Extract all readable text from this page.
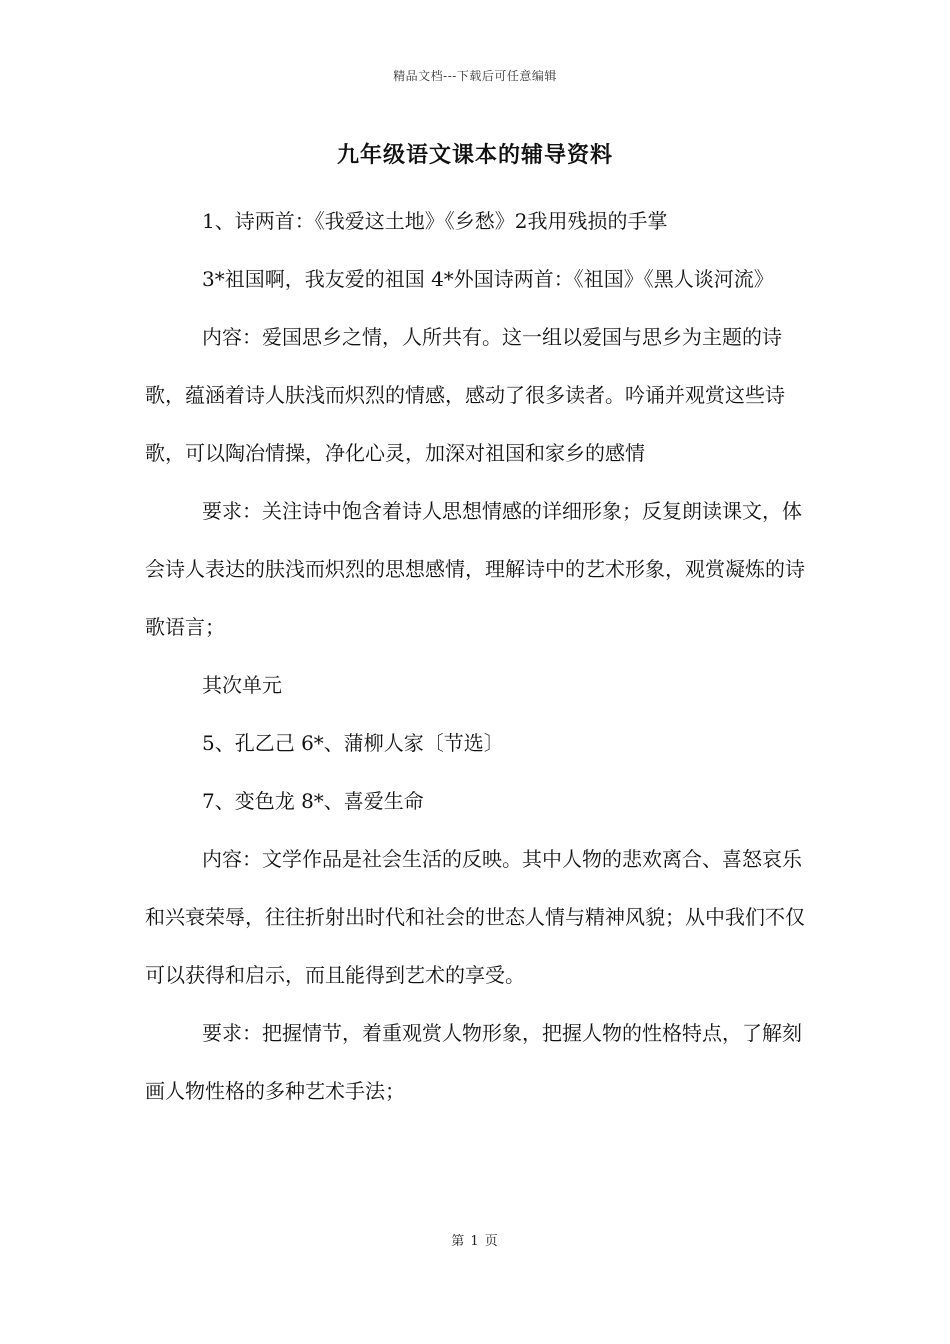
精品文档---下载后可任意编辑
九年级语文课本的辅导资料

1、诗两首：《我爱这土地》《乡愁》2我用残损的手掌

3*祖国啊，我友爱的祖国 4*外国诗两首：《祖国》《黑人谈河流》

内容：爱国思乡之情，人所共有。这一组以爱国与思乡为主题的诗歌，蕴涵着诗人肤浅而炽烈的情感，感动了很多读者。吟诵并观赏这些诗歌，可以陶冶情操，净化心灵，加深对祖国和家乡的感情

要求：关注诗中饱含着诗人思想情感的详细形象；反复朗读课文，体会诗人表达的肤浅而炽烈的思想感情，理解诗中的艺术形象，观赏凝炼的诗歌语言；

其次单元

5、孔乙己 6*、蒲柳人家〔节选〕

7、变色龙 8*、喜爱生命

内容：文学作品是社会生活的反映。其中人物的悲欢离合、喜怒哀乐和兴衰荣辱，往往折射出时代和社会的世态人情与精神风貌；从中我们不仅可以获得和启示，而且能得到艺术的享受。

要求：把握情节，着重观赏人物形象，把握人物的性格特点，了解刻画人物性格的多种艺术手法；

第 1 页
